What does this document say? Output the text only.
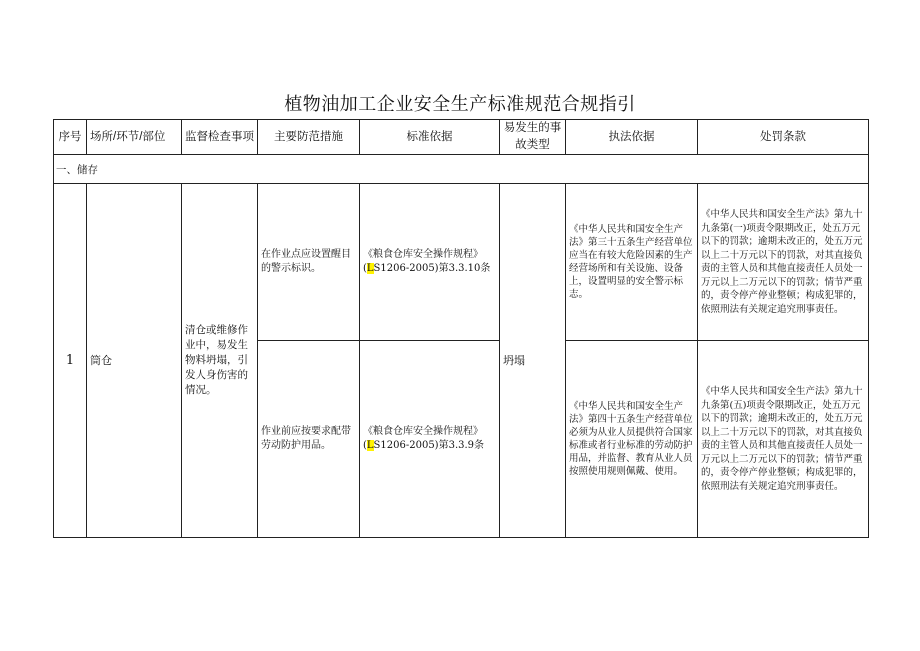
植物油加工企业安全生产标准规范合规指引
序号	场所/环节/部位	监督检查事项	主要防范措施	标准依据	易发生的事故类型	执法依据	处罚条款
一、储存							
1	筒仓	清仓或维修作业中，易发生物料坍塌，引发人身伤害的情况。	在作业点应设置醒目的警示标识。	《粮食仓库安全操作规程》(LS1206-2005)第3.3.10条	坍塌	《中华人民共和国安全生产法》第三十五条生产经营单位应当在有较大危险因素的生产经营场所和有关设施、设备上，设置明显的安全警示标志。	《中华人民共和国安全生产法》第九十九条第(一)项责令限期改正，处五万元以下的罚款；逾期未改正的，处五万元以上二十万元以下的罚款，对其直接负责的主管人员和其他直接责任人员处一万元以上二万元以下的罚款；情节严重的，责令停产停业整顿；构成犯罪的，依照刑法有关规定追究刑事责任。
			作业前应按要求配带劳动防护用品。	《粮食仓库安全操作规程》(LS1206-2005)第3.3.9条		《中华人民共和国安全生产法》第四十五条生产经营单位必须为从业人员提供符合国家标准或者行业标准的劳动防护用品，并监督、教育从业人员按照使用规则佩戴、使用。	《中华人民共和国安全生产法》第九十九条第(五)项责令限期改正，处五万元以下的罚款；逾期未改正的，处五万元以上二十万元以下的罚款，对其直接负责的主管人员和其他直接责任人员处一万元以上二万元以下的罚款；情节严重的，责令停产停业整顿；构成犯罪的，依照刑法有关规定追究刑事责任。
